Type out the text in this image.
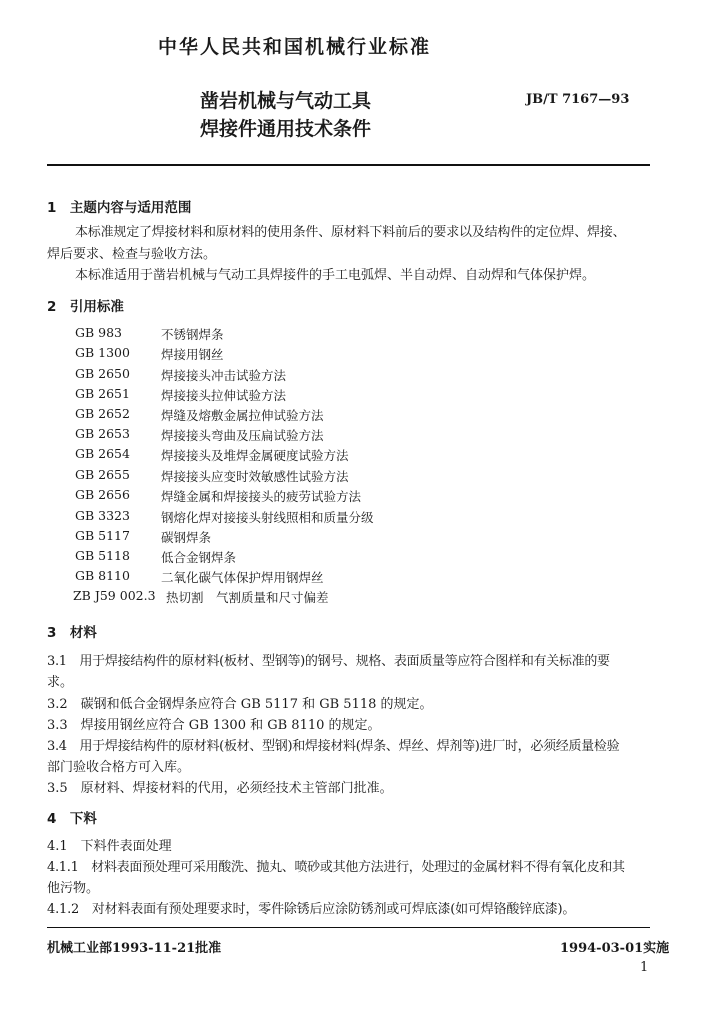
中华人民共和国机械行业标准
凿岩机械与气动工具
焊接件通用技术条件
JB/T 7167—93
1　主题内容与适用范围
本标准规定了焊接材料和原材料的使用条件、原材料下料前后的要求以及结构件的定位焊、焊接、
焊后要求、检查与验收方法。
本标准适用于凿岩机械与气动工具焊接件的手工电弧焊、半自动焊、自动焊和气体保护焊。
2　引用标准
GB 983	不锈钢焊条
GB 1300 焊接用钢丝
GB 2650 焊接接头冲击试验方法
GB 2651 焊接接头拉伸试验方法
GB 2652 焊缝及熔敷金属拉伸试验方法
GB 2653 焊接接头弯曲及压扁试验方法
GB 2654 焊接接头及堆焊金属硬度试验方法
GB 2655 焊接接头应变时效敏感性试验方法
GB 2656 焊缝金属和焊接接头的疲劳试验方法
GB 3323 钢熔化焊对接接头射线照相和质量分级
GB 5117 碳钢焊条
GB 5118 低合金钢焊条
GB 8110 二氧化碳气体保护焊用钢焊丝
ZB J59 002.3 热切割　气割质量和尺寸偏差
3　材料
3.1　用于焊接结构件的原材料(板材、型钢等)的钢号、规格、表面质量等应符合图样和有关标准的要
求。
3.2　碳钢和低合金钢焊条应符合 GB 5117 和 GB 5118 的规定。
3.3　焊接用钢丝应符合 GB 1300 和 GB 8110 的规定。
3.4　用于焊接结构件的原材料(板材、型钢)和焊接材料(焊条、焊丝、焊剂等)进厂时，必须经质量检验
部门验收合格方可入库。
3.5　原材料、焊接材料的代用，必须经技术主管部门批准。
4　下料
4.1　下料件表面处理
4.1.1　材料表面预处理可采用酸洗、抛丸、喷砂或其他方法进行，处理过的金属材料不得有氧化皮和其
他污物。
4.1.2　对材料表面有预处理要求时，零件除锈后应涂防锈剂或可焊底漆(如可焊铬酸锌底漆)。
机械工业部1993-11-21批准	1994-03-01实施
1
